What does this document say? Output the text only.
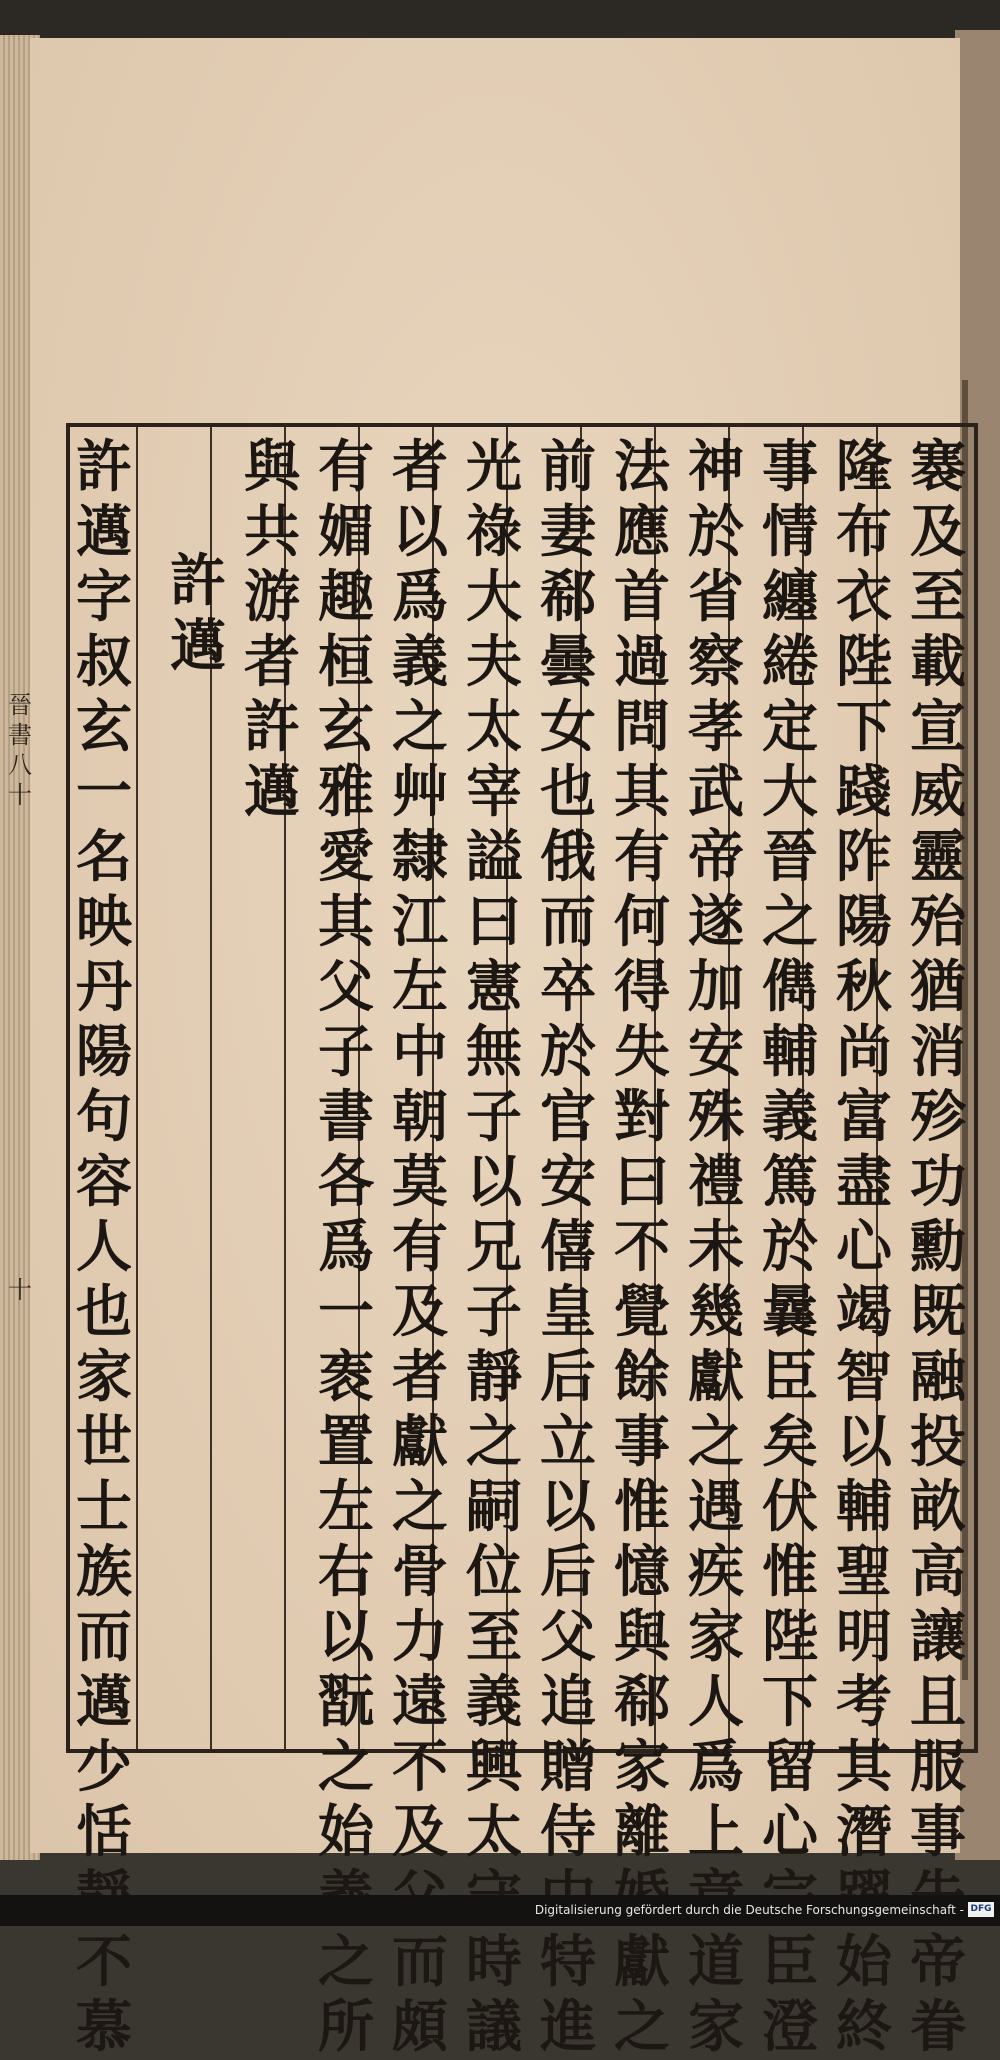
褰
及
至
載
宣
威
靈
殆
猶
消
殄
功
勳
既
融
投
畝
高
讓
且
服
事
帝
眷
隆
布
衣
陛
下
踐
阼
陽
秋
尚
富
盡
心
竭
智
以
輔
聖
明
考
其
潛
始
終
事
情
纏
綣
定
大
晉
之
儁
輔
義
篤
於
曩
臣
矣
伏
惟
陛
下
留
心
臣
澄
神
於
省
察
孝
武
帝
遂
加
安
殊
禮
未
幾
獻
之
遇
疾
家
人
爲
上
道
家
法
應
首
過
問
其
有
何
得
失
對
曰
不
覺
餘
事
惟
憶
與
郗
家
離
獻
之
前
妻
郗
曇
女
也
俄
而
卒
於
官
安
僖
皇
后
立
以
后
父
追
贈
侍
特
進
光
祿
大
夫
太
宰
謚
曰
憲
無
子
以
兄
子
靜
之
嗣
位
至
義
興
太
時
議
者
以
爲
義
之
艸
隸
江
左
中
朝
莫
有
及
者
獻
之
骨
力
遠
不
及
而
頗
有
媚
趣
桓
玄
雅
愛
其
父
子
書
各
爲
一
袠
置
左
右
以
翫
之
始
之
所
與
共
游
者
許
邁
許
邁
許
邁
字
叔
玄
一
名
映
丹
陽
句
容
人
也
家
世
士
族
而
邁
少
恬
不
慕
晉
書
八
十
十
Digitalisierung gefördert durch die Deutsche Forschungsgemeinschaft - DFG
